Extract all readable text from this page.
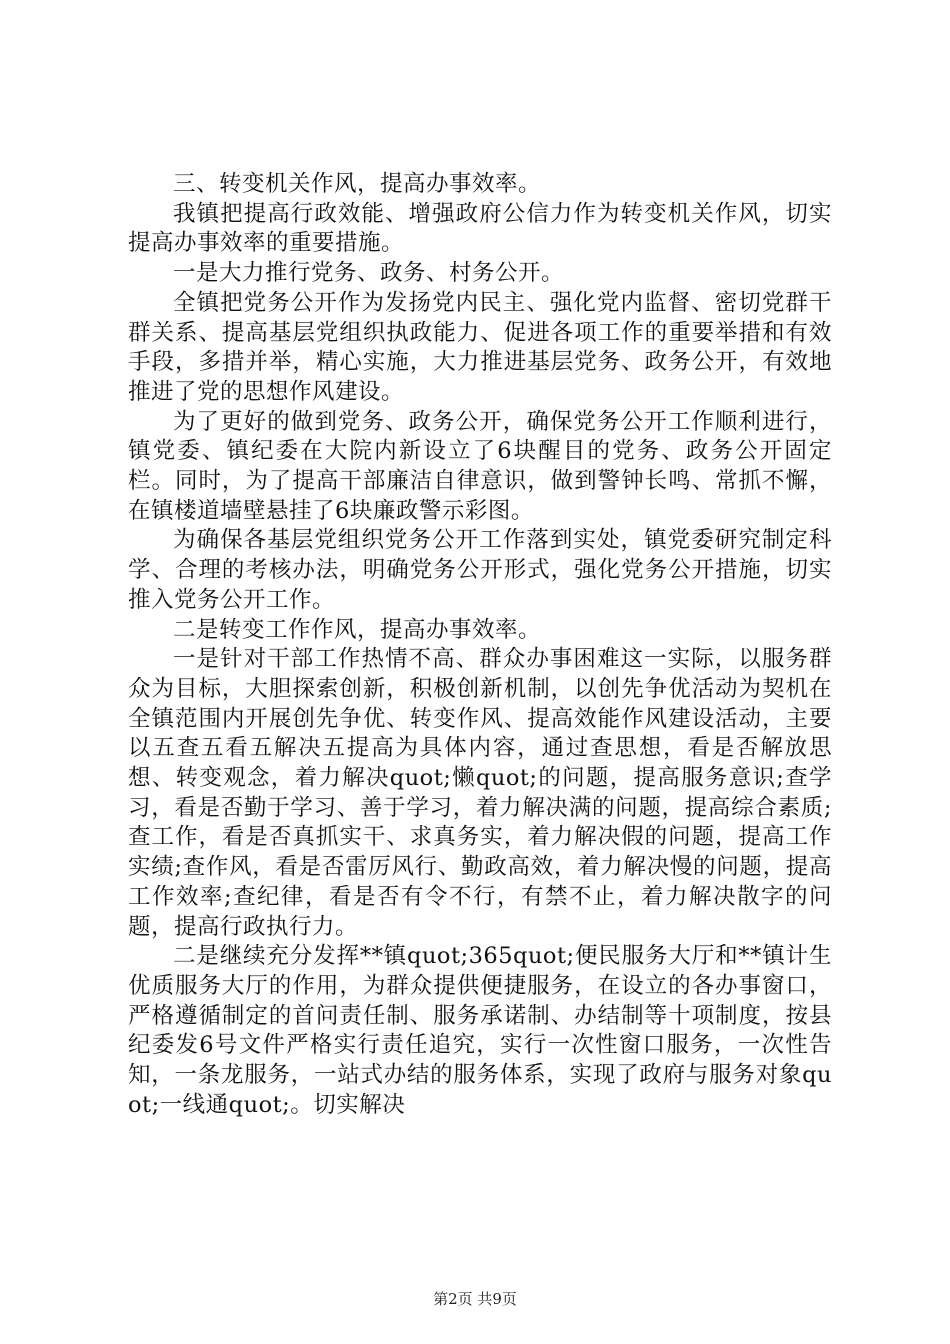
三、转变机关作风，提高办事效率。

我镇把提高行政效能、增强政府公信力作为转变机关作风，切实提高办事效率的重要措施。

一是大力推行党务、政务、村务公开。

全镇把党务公开作为发扬党内民主、强化党内监督、密切党群干群关系、提高基层党组织执政能力、促进各项工作的重要举措和有效手段，多措并举，精心实施，大力推进基层党务、政务公开，有效地推进了党的思想作风建设。

为了更好的做到党务、政务公开，确保党务公开工作顺利进行，镇党委、镇纪委在大院内新设立了6块醒目的党务、政务公开固定栏。同时，为了提高干部廉洁自律意识，做到警钟长鸣、常抓不懈，在镇楼道墙壁悬挂了6块廉政警示彩图。

为确保各基层党组织党务公开工作落到实处，镇党委研究制定科学、合理的考核办法，明确党务公开形式，强化党务公开措施，切实推入党务公开工作。

二是转变工作作风，提高办事效率。

一是针对干部工作热情不高、群众办事困难这一实际，以服务群众为目标，大胆探索创新，积极创新机制，以创先争优活动为契机在全镇范围内开展创先争优、转变作风、提高效能作风建设活动，主要以五查五看五解决五提高为具体内容，通过查思想，看是否解放思想、转变观念，着力解决quot;懒quot;的问题，提高服务意识;查学习，看是否勤于学习、善于学习，着力解决满的问题，提高综合素质;查工作，看是否真抓实干、求真务实，着力解决假的问题，提高工作实绩;查作风，看是否雷厉风行、勤政高效，着力解决慢的问题，提高工作效率;查纪律，看是否有令不行，有禁不止，着力解决散字的问题，提高行政执行力。

二是继续充分发挥**镇quot;365quot;便民服务大厅和**镇计生优质服务大厅的作用，为群众提供便捷服务，在设立的各办事窗口，严格遵循制定的首问责任制、服务承诺制、办结制等十项制度，按县纪委发6号文件严格实行责任追究，实行一次性窗口服务，一次性告知，一条龙服务，一站式办结的服务体系，实现了政府与服务对象quot;一线通quot;。切实解决

第2页 共9页
